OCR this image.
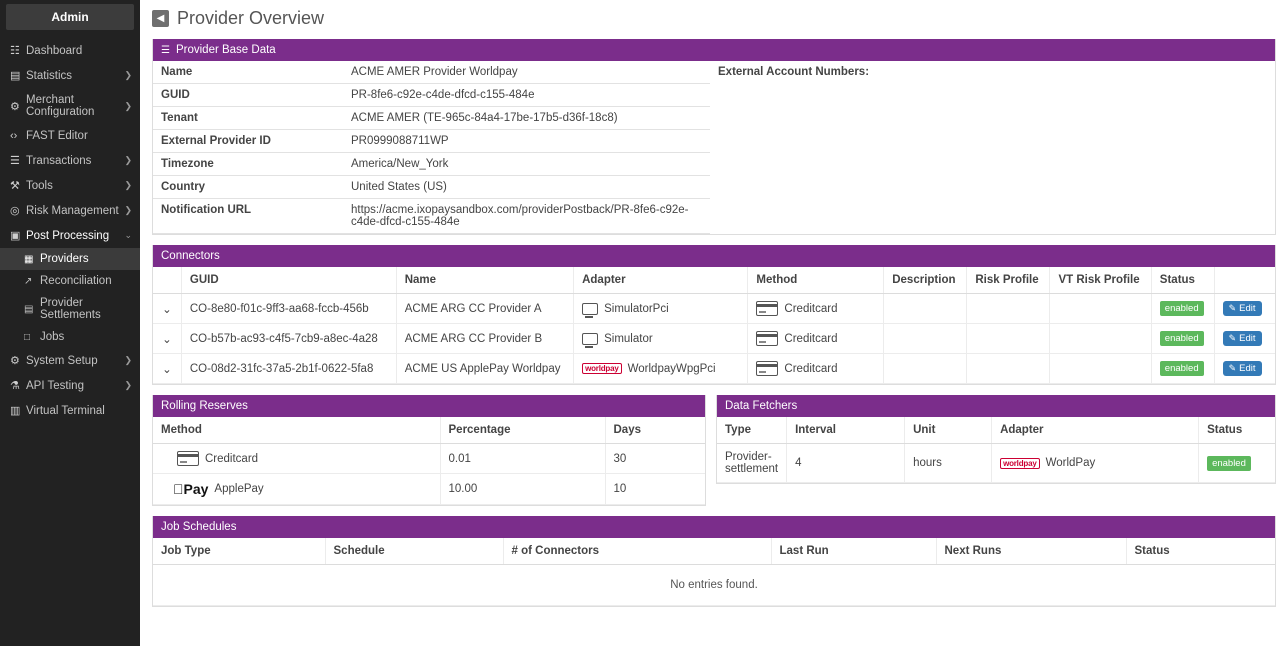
Admin
☷ Dashboard
▤ Statistics	❯
⚙
Merchant Configuration
❯
‹› FAST Editor
☰ Transactions	❯
⚒ Tools	❯
◎ Risk Management ❯
▣ Post Processing	⌄
▦ Providers
↗ Reconciliation
▤ Provider Settlements
□ Jobs
⚙ System Setup	❯
⚗ API Testing	❯
▥ Virtual Terminal
◀ Provider Overview
☰ Provider Base Data
Name	ACME AMER Provider Worldpay	External Account Numbers:
GUID	PR-8fe6-c92e-c4de-dfcd-c155-484e	
Tenant	ACME AMER (TE-965c-84a4-17be-17b5-d36f-18c8)	
External Provider ID	PR0999088711WP	
Timezone	America/New_York	
Country	United States (US)	
Notification URL	https://acme.ixopaysandbox.com/providerPostback/PR-8fe6-c92e-c4de-dfcd-c155-484e	
Connectors
	GUID	Name	Adapter	Method	Description	Risk Profile	VT Risk Profile	Status	
⌄	CO-8e80-f01c-9ff3-aa68-fccb-456b	ACME ARG CC Provider A	SimulatorPci	Creditcard				enabled	✎ Edit
⌄	CO-b57b-ac93-c4f5-7cb9-a8ec-4a28	ACME ARG CC Provider B	Simulator	Creditcard				enabled	✎ Edit
⌄	CO-08d2-31fc-37a5-2b1f-0622-5fa8	ACME US ApplePay Worldpay	worldpay WorldpayWpgPci	Creditcard				enabled	✎ Edit
Rolling Reserves
Method	Percentage	Days

Creditcard	0.01	30

Pay ApplePay	10.00	10
Data Fetchers
Type	Interval	Unit	Adapter	Status
Provider-settlement	4	hours	worldpay WorldPay	enabled
Job Schedules
Job Type	Schedule	# of Connectors	Last Run	Next Runs	Status
No entries found.
